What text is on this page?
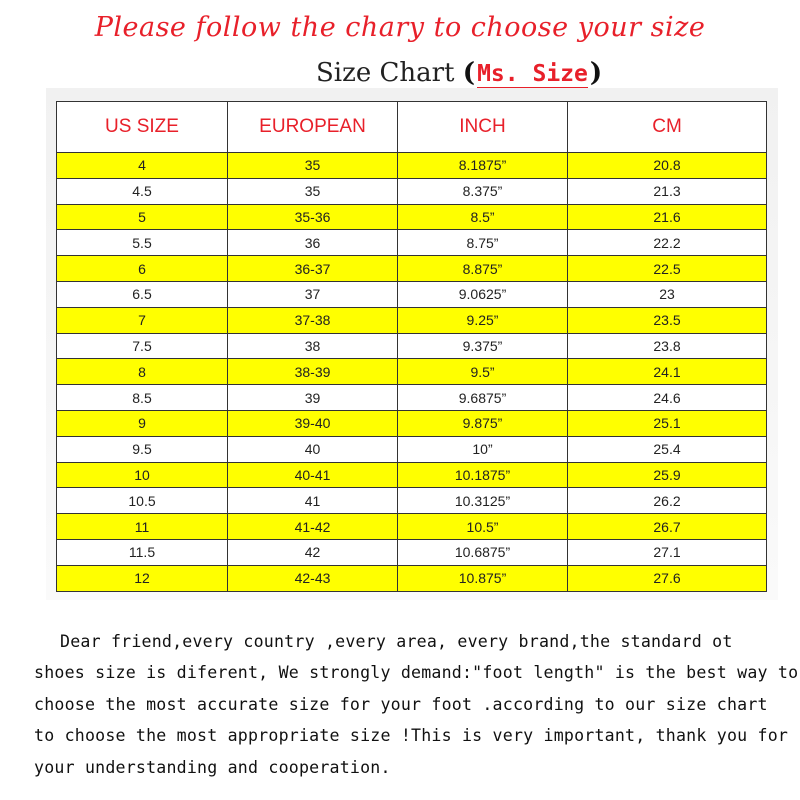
Please follow the chary to choose your size
Size Chart (Ms. Size)
US SIZE	EUROPEAN	INCH	CM
4	35	8.1875”	20.8
4.5	35	8.375”	21.3
5	35-36	8.5”	21.6
5.5	36	8.75”	22.2
6	36-37	8.875”	22.5
6.5	37	9.0625”	23
7	37-38	9.25”	23.5
7.5	38	9.375”	23.8
8	38-39	9.5”	24.1
8.5	39	9.6875”	24.6
9	39-40	9.875”	25.1
9.5	40	10”	25.4
10	40-41	10.1875”	25.9
10.5	41	10.3125”	26.2
11	41-42	10.5”	26.7
11.5	42	10.6875”	27.1
12	42-43	10.875”	27.6
Dear friend,every country ,every area, every brand,the standard ot
shoes size is diferent, We strongly demand:"foot length" is the best way to
choose the most accurate size for your foot .according to our size chart
to choose the most appropriate size !This is very important, thank you for
your understanding and cooperation.
